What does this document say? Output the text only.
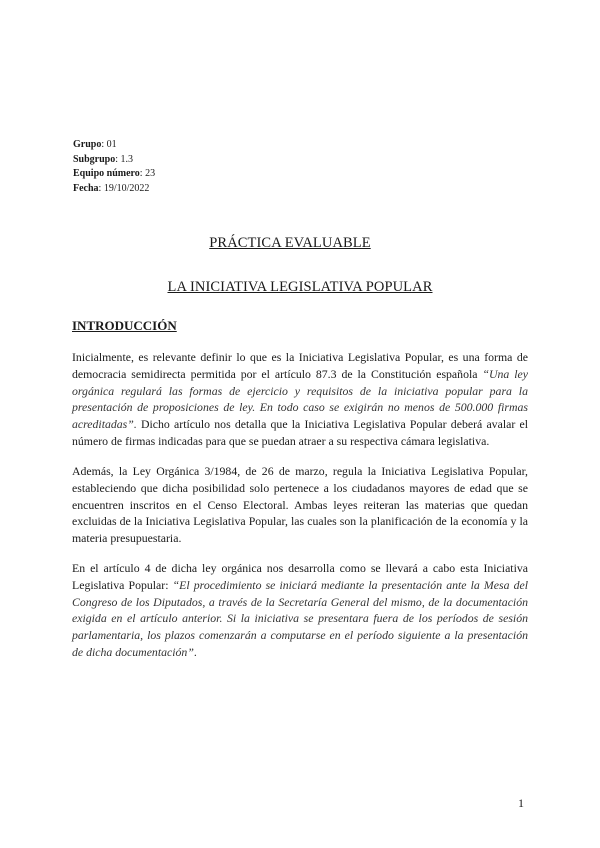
Grupo: 01
Subgrupo: 1.3
Equipo número: 23
Fecha: 19/10/2022
PRÁCTICA EVALUABLE
LA INICIATIVA LEGISLATIVA POPULAR
INTRODUCCIÓN
Inicialmente, es relevante definir lo que es la Iniciativa Legislativa Popular, es una forma de democracia semidirecta permitida por el artículo 87.3 de la Constitución española “Una ley orgánica regulará las formas de ejercicio y requisitos de la iniciativa popular para la presentación de proposiciones de ley. En todo caso se exigirán no menos de 500.000 firmas acreditadas”. Dicho artículo nos detalla que la Iniciativa Legislativa Popular deberá avalar el número de firmas indicadas para que se puedan atraer a su respectiva cámara legislativa.
Además, la Ley Orgánica 3/1984, de 26 de marzo, regula la Iniciativa Legislativa Popular, estableciendo que dicha posibilidad solo pertenece a los ciudadanos mayores de edad que se encuentren inscritos en el Censo Electoral. Ambas leyes reiteran las materias que quedan excluidas de la Iniciativa Legislativa Popular, las cuales son la planificación de la economía y la materia presupuestaria.
En el artículo 4 de dicha ley orgánica nos desarrolla como se llevará a cabo esta Iniciativa Legislativa Popular: “El procedimiento se iniciará mediante la presentación ante la Mesa del Congreso de los Diputados, a través de la Secretaría General del mismo, de la documentación exigida en el artículo anterior. Si la iniciativa se presentara fuera de los períodos de sesión parlamentaria, los plazos comenzarán a computarse en el período siguiente a la presentación de dicha documentación”.
1
